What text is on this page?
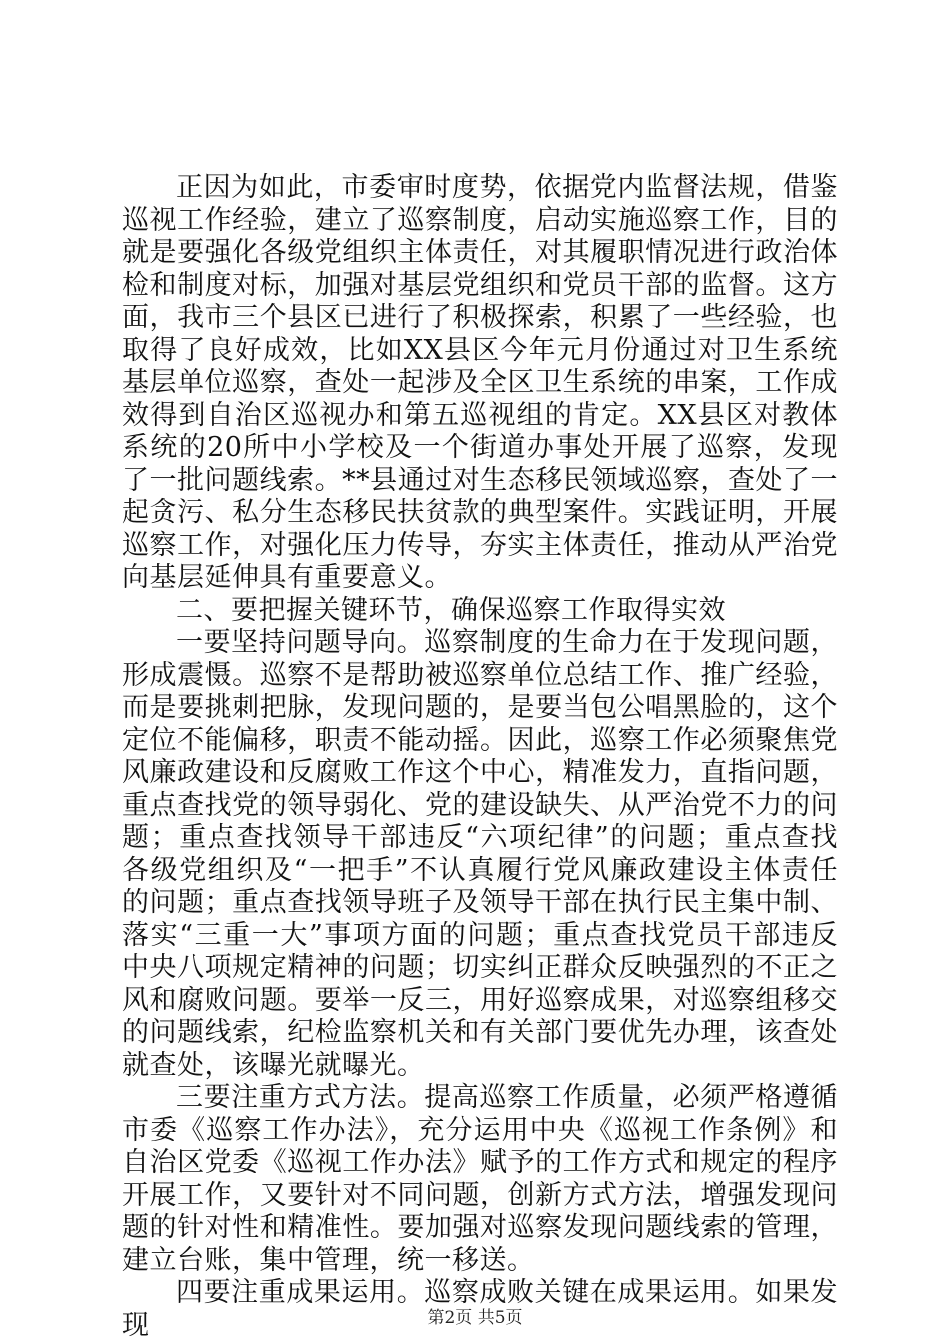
正因为如此，市委审时度势，依据党内监督法规，借鉴巡视工作经验，建立了巡察制度，启动实施巡察工作，目的就是要强化各级党组织主体责任，对其履职情况进行政治体检和制度对标，加强对基层党组织和党员干部的监督。这方面，我市三个县区已进行了积极探索，积累了一些经验，也取得了良好成效，比如XX县区今年元月份通过对卫生系统基层单位巡察，查处一起涉及全区卫生系统的串案，工作成效得到自治区巡视办和第五巡视组的肯定。XX县区对教体系统的20所中小学校及一个街道办事处开展了巡察，发现了一批问题线索。**县通过对生态移民领域巡察，查处了一起贪污、私分生态移民扶贫款的典型案件。实践证明，开展巡察工作，对强化压力传导，夯实主体责任，推动从严治党向基层延伸具有重要意义。

二、要把握关键环节，确保巡察工作取得实效

一要坚持问题导向。巡察制度的生命力在于发现问题，形成震慑。巡察不是帮助被巡察单位总结工作、推广经验，而是要挑刺把脉，发现问题的，是要当包公唱黑脸的，这个定位不能偏移，职责不能动摇。因此，巡察工作必须聚焦党风廉政建设和反腐败工作这个中心，精准发力，直指问题，重点查找党的领导弱化、党的建设缺失、从严治党不力的问题；重点查找领导干部违反“六项纪律”的问题；重点查找各级党组织及“一把手”不认真履行党风廉政建设主体责任的问题；重点查找领导班子及领导干部在执行民主集中制、落实“三重一大”事项方面的问题；重点查找党员干部违反中央八项规定精神的问题；切实纠正群众反映强烈的不正之风和腐败问题。要举一反三，用好巡察成果，对巡察组移交的问题线索，纪检监察机关和有关部门要优先办理，该查处就查处，该曝光就曝光。

三要注重方式方法。提高巡察工作质量，必须严格遵循市委《巡察工作办法》，充分运用中央《巡视工作条例》和自治区党委《巡视工作办法》赋予的工作方式和规定的程序开展工作，又要针对不同问题，创新方式方法，增强发现问题的针对性和精准性。要加强对巡察发现问题线索的管理，建立台账，集中管理，统一移送。

四要注重成果运用。巡察成败关键在成果运用。如果发现	第2页 共5页
